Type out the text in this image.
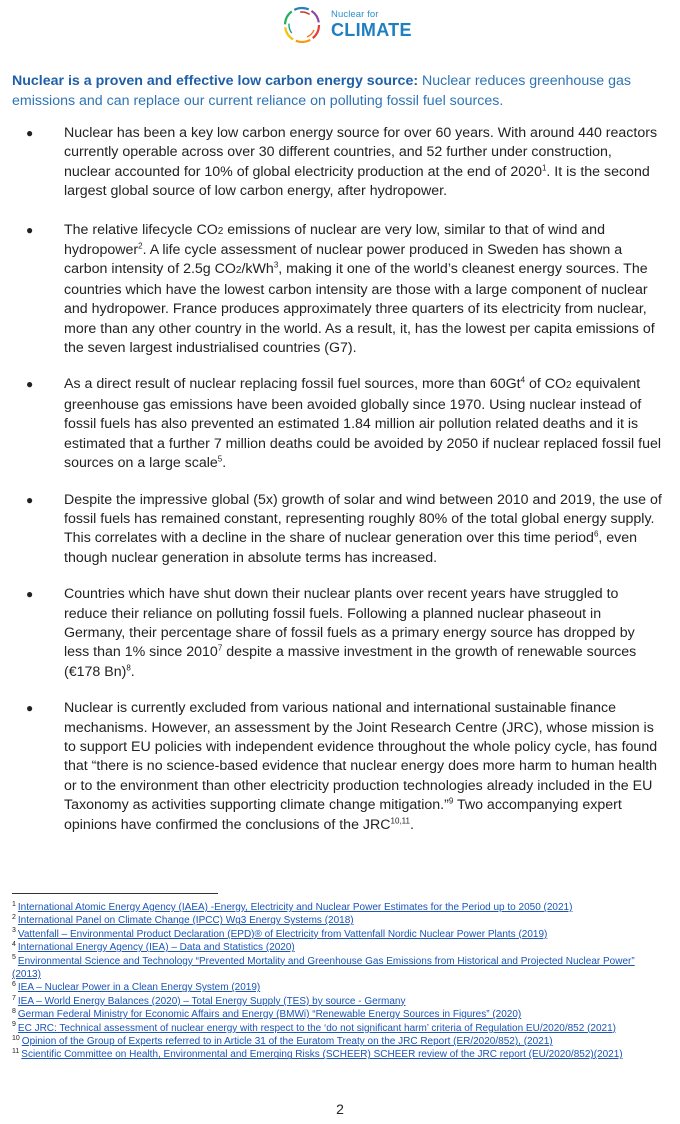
Nuclear for
CLIMATE

Nuclear is a proven and effective low carbon energy source: Nuclear reduces greenhouse gas emissions and can replace our current reliance on polluting fossil fuel sources.

● Nuclear has been a key low carbon energy source for over 60 years. With around 440 reactors currently operable across over 30 different countries, and 52 further under construction, nuclear accounted for 10% of global electricity production at the end of 2020$^1$. It is the second largest global source of low carbon energy, after hydropower.
● The relative lifecycle CO2 emissions of nuclear are very low, similar to that of wind and hydropower$^2$. A life cycle assessment of nuclear power produced in Sweden has shown a carbon intensity of 2.5g CO2/kWh$^3$, making it one of the world’s cleanest energy sources. The countries which have the lowest carbon intensity are those with a large component of nuclear and hydropower. France produces approximately three quarters of its electricity from nuclear, more than any other country in the world. As a result, it, has the lowest per capita emissions of the seven largest industrialised countries (G7).
● As a direct result of nuclear replacing fossil fuel sources, more than 60Gt$^4$ of CO2 equivalent greenhouse gas emissions have been avoided globally since 1970. Using nuclear instead of fossil fuels has also prevented an estimated 1.84 million air pollution related deaths and it is estimated that a further 7 million deaths could be avoided by 2050 if nuclear replaced fossil fuel sources on a large scale$^5$.
● Despite the impressive global (5x) growth of solar and wind between 2010 and 2019, the use of fossil fuels has remained constant, representing roughly 80% of the total global energy supply. This correlates with a decline in the share of nuclear generation over this time period$^6$, even though nuclear generation in absolute terms has increased.
● Countries which have shut down their nuclear plants over recent years have struggled to reduce their reliance on polluting fossil fuels. Following a planned nuclear phaseout in Germany, their percentage share of fossil fuels as a primary energy source has dropped by less than 1% since 2010$^7$ despite a massive investment in the growth of renewable sources (€178 Bn)$^8$.
● Nuclear is currently excluded from various national and international sustainable finance mechanisms. However, an assessment by the Joint Research Centre (JRC), whose mission is to support EU policies with independent evidence throughout the whole policy cycle, has found that “there is no science-based evidence that nuclear energy does more harm to human health or to the environment than other electricity production technologies already included in the EU Taxonomy as activities supporting climate change mitigation.”$^9$ Two accompanying expert opinions have confirmed the conclusions of the JRC$^{10,11}$.
$^1$ International Atomic Energy Agency (IAEA) -Energy, Electricity and Nuclear Power Estimates for the Period up to 2050 (2021)
$^2$ International Panel on Climate Change (IPCC) Wg3 Energy Systems (2018)
$^3$ Vattenfall – Environmental Product Declaration (EPD)® of Electricity from Vattenfall Nordic Nuclear Power Plants (2019)
$^4$ International Energy Agency (IEA) – Data and Statistics (2020)
$^5$ Environmental Science and Technology “Prevented Mortality and Greenhouse Gas Emissions from Historical and Projected Nuclear Power” (2013)
$^6$ IEA – Nuclear Power in a Clean Energy System (2019)
$^7$ IEA – World Energy Balances (2020) – Total Energy Supply (TES) by source - Germany
$^8$ German Federal Ministry for Economic Affairs and Energy (BMWi) “Renewable Energy Sources in Figures” (2020)
$^9$ EC JRC: Technical assessment of nuclear energy with respect to the ‘do not significant harm’ criteria of Regulation EU/2020/852 (2021)
$^{10}$ Opinion of the Group of Experts referred to in Article 31 of the Euratom Treaty on the JRC Report (ER/2020/852), (2021)
$^{11}$ Scientific Committee on Health, Environmental and Emerging Risks (SCHEER) SCHEER review of the JRC report (EU/2020/852)(2021)
2
